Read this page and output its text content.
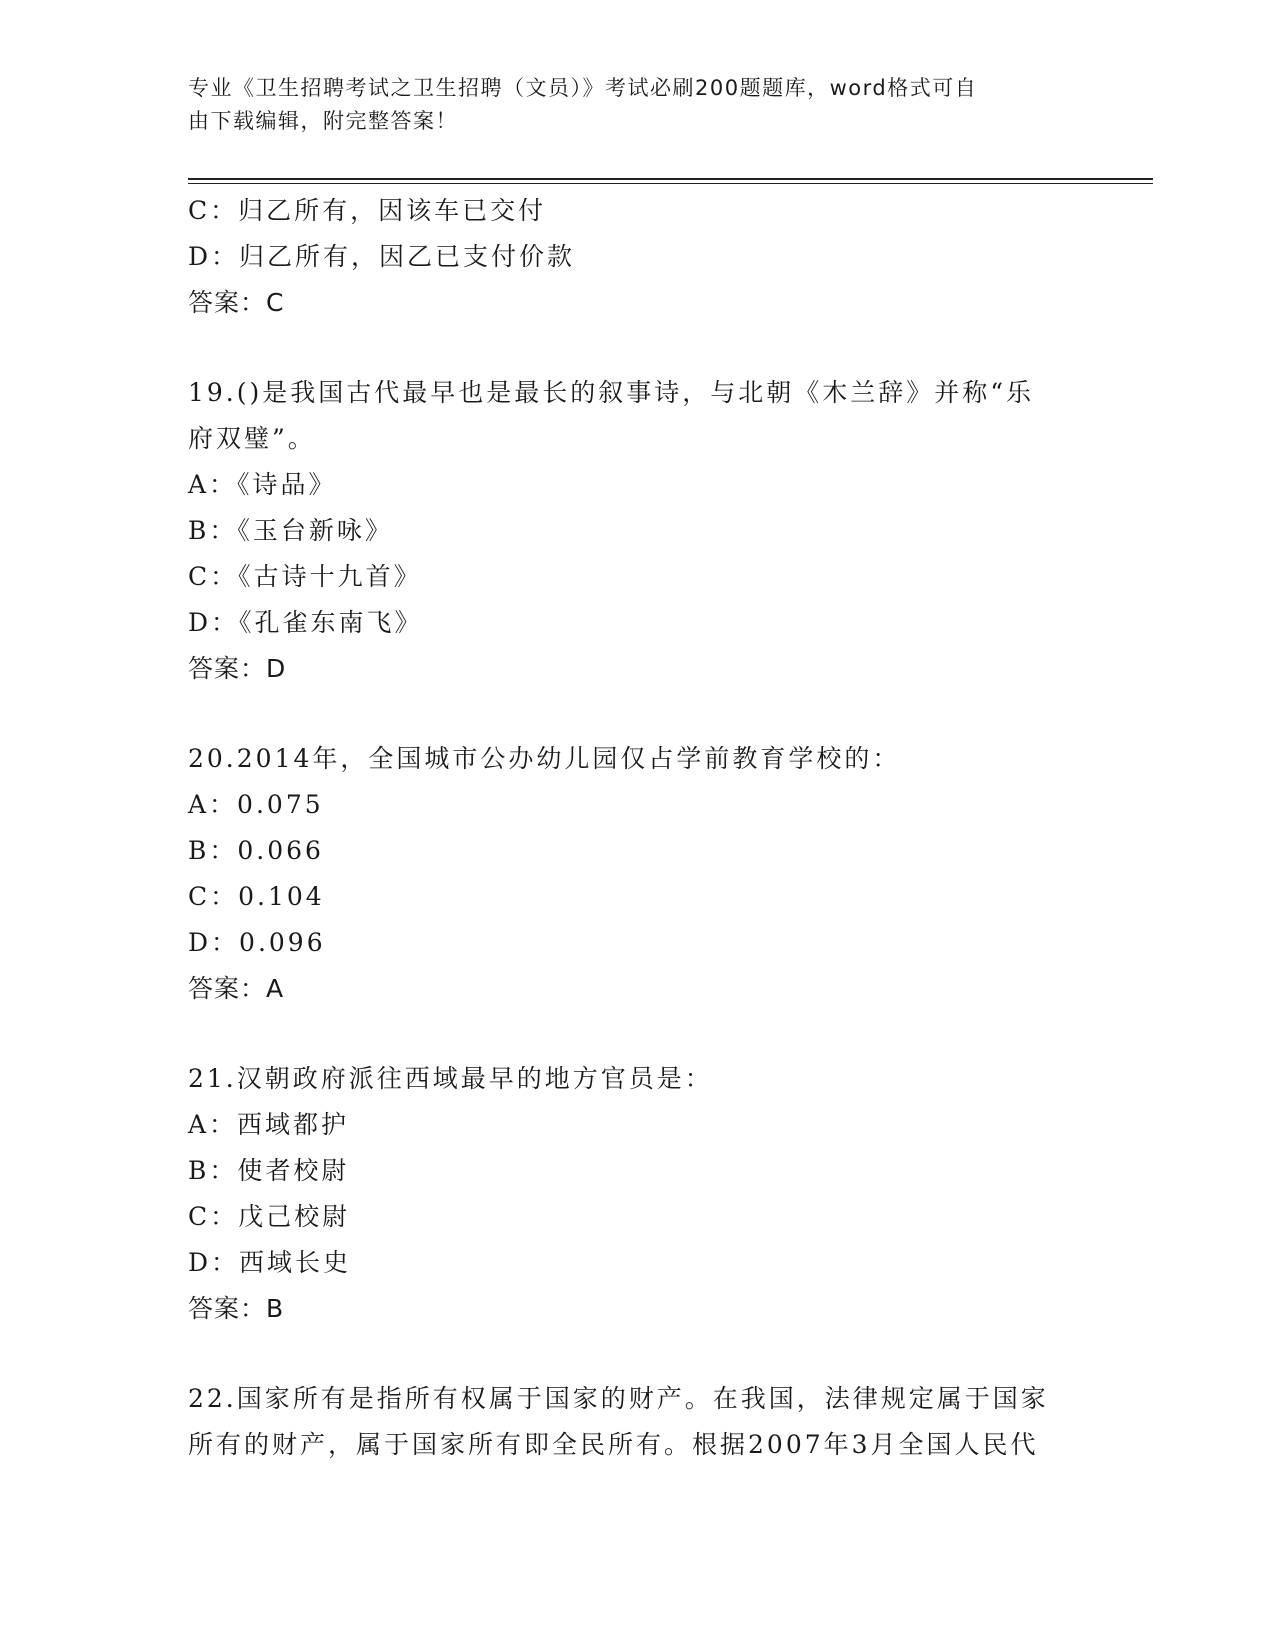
专业《卫生招聘考试之卫生招聘（文员）》考试必刷200题题库，word格式可自
由下载编辑，附完整答案！
C：归乙所有，因该车已交付
D：归乙所有，因乙已支付价款
答案：C
19.()是我国古代最早也是最长的叙事诗，与北朝《木兰辞》并称“乐
府双璧”。
A：《诗品》
B：《玉台新咏》
C：《古诗十九首》
D：《孔雀东南飞》
答案：D
20.2014年，全国城市公办幼儿园仅占学前教育学校的：
A：0.075
B：0.066
C：0.104
D：0.096
答案：A
21.汉朝政府派往西域最早的地方官员是：
A：西域都护
B：使者校尉
C：戊己校尉
D：西域长史
答案：B
22.国家所有是指所有权属于国家的财产。在我国，法律规定属于国家
所有的财产，属于国家所有即全民所有。根据2007年3月全国人民代
